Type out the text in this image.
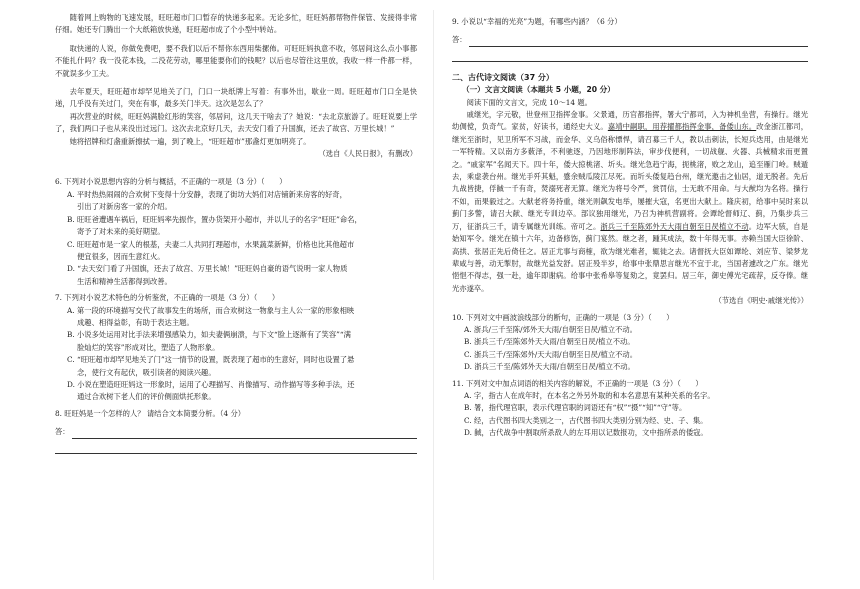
随着网上购物的飞速发展，旺旺超市门口暂存的快递多起来。无论多忙，旺旺妈都帮物件保管、发接得非常仔细。她还专门腾出一个大纸箱放快递，旺旺超市成了个小型中转站。

取快递的人说，你做免费吧，要不我们以后不帮你东西用柴摞佈。可旺旺妈执意不收，邻居间这么点小事都不能扎什吗？我一没花本钱，二没花劳动，哪里能要你们的钱呢？以后也尽管往这里放，我收一样一件都一样，不就误多少工夫。

去年夏天，旺旺超市却罕见地关了门，门口一块纸牌上写着：有事外出，歇业一周。旺旺超市门口全是快递，几乎没有关过门，突在有事，最多关门半天。这次是怎么了？

再次营业的时候，旺旺妈满脸红彤的笑容，邻居问，这几天干啥去了？她说：“去北京旅游了。旺旺说要上学了，我们两口子也从来没出过远门。这次去北京好几天，去天安门看了升国旗，还去了故宫、万里长城！”

她将招牌和灯盏重新擦拭一遍，到了晚上，“旺旺超市”那盏灯更加明亮了。

（选自《人民日报》，有删改）

6. 下列对小说思想内容的分析与概括，不正确的一项是（3 分）（　　）

A. 平时热热闹闹的合欢树下变得十分安静，表现了街坊大妈们对店铺新来房客的好奇，
引出了对新房客一家的介绍。

B. 旺旺爸遭遇车祸后，旺旺妈率先振作，置办货架开小超市，并以儿子的名字“旺旺”命名，
寄予了对未来的美好期望。

C. 旺旺超市是一家人的根基，夫妻二人共同打理超市，水果蔬菜新鲜，价格也比其他超市
便宜很多，因而生意红火。

D. “去天安门看了升国旗，还去了故宫、万里长城！”旺旺妈自豪的语气说明一家人物质
生活和精神生活都得到改善。

7. 下列对小说艺术特色的分析鉴赏，不正确的一项是（3 分）（　　）

A. 第一段的环境描写交代了故事发生的场所，而合欢树这一物象与主人公一家的形象相映
成趣、相得益彰，有助于表达主题。

B. 小说多处运用对比手法来增强感染力，如夫妻俩崩溃，与下文“脸上逐渐有了笑容”“满
脸灿烂的笑容”形成对比，塑造了人物形象。

C. “旺旺超市却罕见地关了门”这一情节的设置，既表现了超市的生意好，同时也设置了悬
念，使行文有起伏，吸引读者的阅读兴趣。

D. 小说在塑造旺旺妈这一形象时，运用了心理描写、肖像描写、动作描写等多种手法，还
通过合欢树下老人们的评价侧面烘托形象。

8. 旺旺妈是一个怎样的人？ 请结合文本简要分析。（4 分）

答：

9. 小说以“幸福的光亮”为题，有哪些内涵？（6 分）

答：

二、古代诗文阅读（37 分）

（一）文言文阅读（本题共 5 小题，20 分）

阅读下面的文言文，完成 10～14 题。

戚继光，字元敬，世登州卫指挥金事。父景通，历官都指挥，署大宁都司，入为神机坐营，有操行。继光幼倜傥，负奇气。家贫，好读书，通经史大义。嘉靖中嗣职，用荐擢都指挥金事，备倭山东。改金浙江都司，继光至浙时，见卫所军不习战，而金华、义乌俗称慓悍，请召募三千人，教以击刺法，长短兵迭用，由是继光一军特精。又以南方多薮泽，不利驰逐，乃因地形制阵法，审步伐便利，一切战舰、火器、兵械精求而更置之。“戚家军”名闻天下。四十年，倭大掠桃渚、圻头。继光急趋宁海，扼桃渚，败之龙山，追至雁门岭。贼遁去，乘虚袭台州。继光手歼其魁，蹙余贼瓜陵江尽死。而圻头倭复趋台州，继光邀击之仙居，道无脱者。先后九战皆捷，俘馘一千有奇，焚溺死者无算。继光为将号令严，赏罚信，士无敢不用命。与大猷均为名将。操行不如，而果毅过之。大献老将务持重，继光则飙发电举，屡摧大寇，名更出大献上。隆庆初，给事中吴时来以蓟门多警，请召大献、继光专训边卒。部议独用继光，乃召为神机营副将。会谭纶督师辽、蓟，乃集步兵三万，征浙兵三千，请专属继光训练。帝可之。浙兵三千至陈郊外天大雨自朝至日昃植立不动。边军大骇，自是始知军令。继光在镇十六年，边备修饬，蓟门宴然。继之者，踵其成法，数十年得无事。亦赖当国大臣徐阶、高拱、张居正先后倚任之。居正尤事与商榷，欲为继光难者，辄徙之去。诸督抚大臣如谭纶、刘应节、梁梦龙辈咸与善，动无掣肘，故继光益发舒。居正殁半岁，给事中张鼎思言继光不宜于北，当国者遽改之广东。继光悒悒不得志，强一赴，逾年即谢病。给事中张希皋等复劾之，竟罢归。居三年，御史傅光宅疏荐，反夺俸。继光亦遂卒。

（节选自《明史·戚继光传》）

10. 下列对文中画波浪线部分的断句，正确的一项是（3 分）（　　）

A. 浙兵/三千至陈/郊外天大雨/自朝至日昃/植立不动。

B. 浙兵三千/至陈郊外天大雨/自朝至日昃/植立不动。

C. 浙兵三千/至陈郊外/天大雨/自朝至日昃/植立不动。

D. 浙兵三千至/陈郊外天大雨/自朝至日昃/植立不动。

11. 下列对文中加点词语的相关内容的解说，不正确的一项是（3 分）（　　）

A. 字，指古人在成年时，在本名之外另外取的和本名意思有某种关系的名字。

B. 署，指代理官职，表示代理官职的词语还有“权”“摄”“知”“守”等。

C. 经，古代图书四大类别之一，古代图书四大类别分别为经、史、子、集。

D. 馘，古代战争中割取所杀敌人的左耳用以记数报功，文中指所杀的倭寇。
